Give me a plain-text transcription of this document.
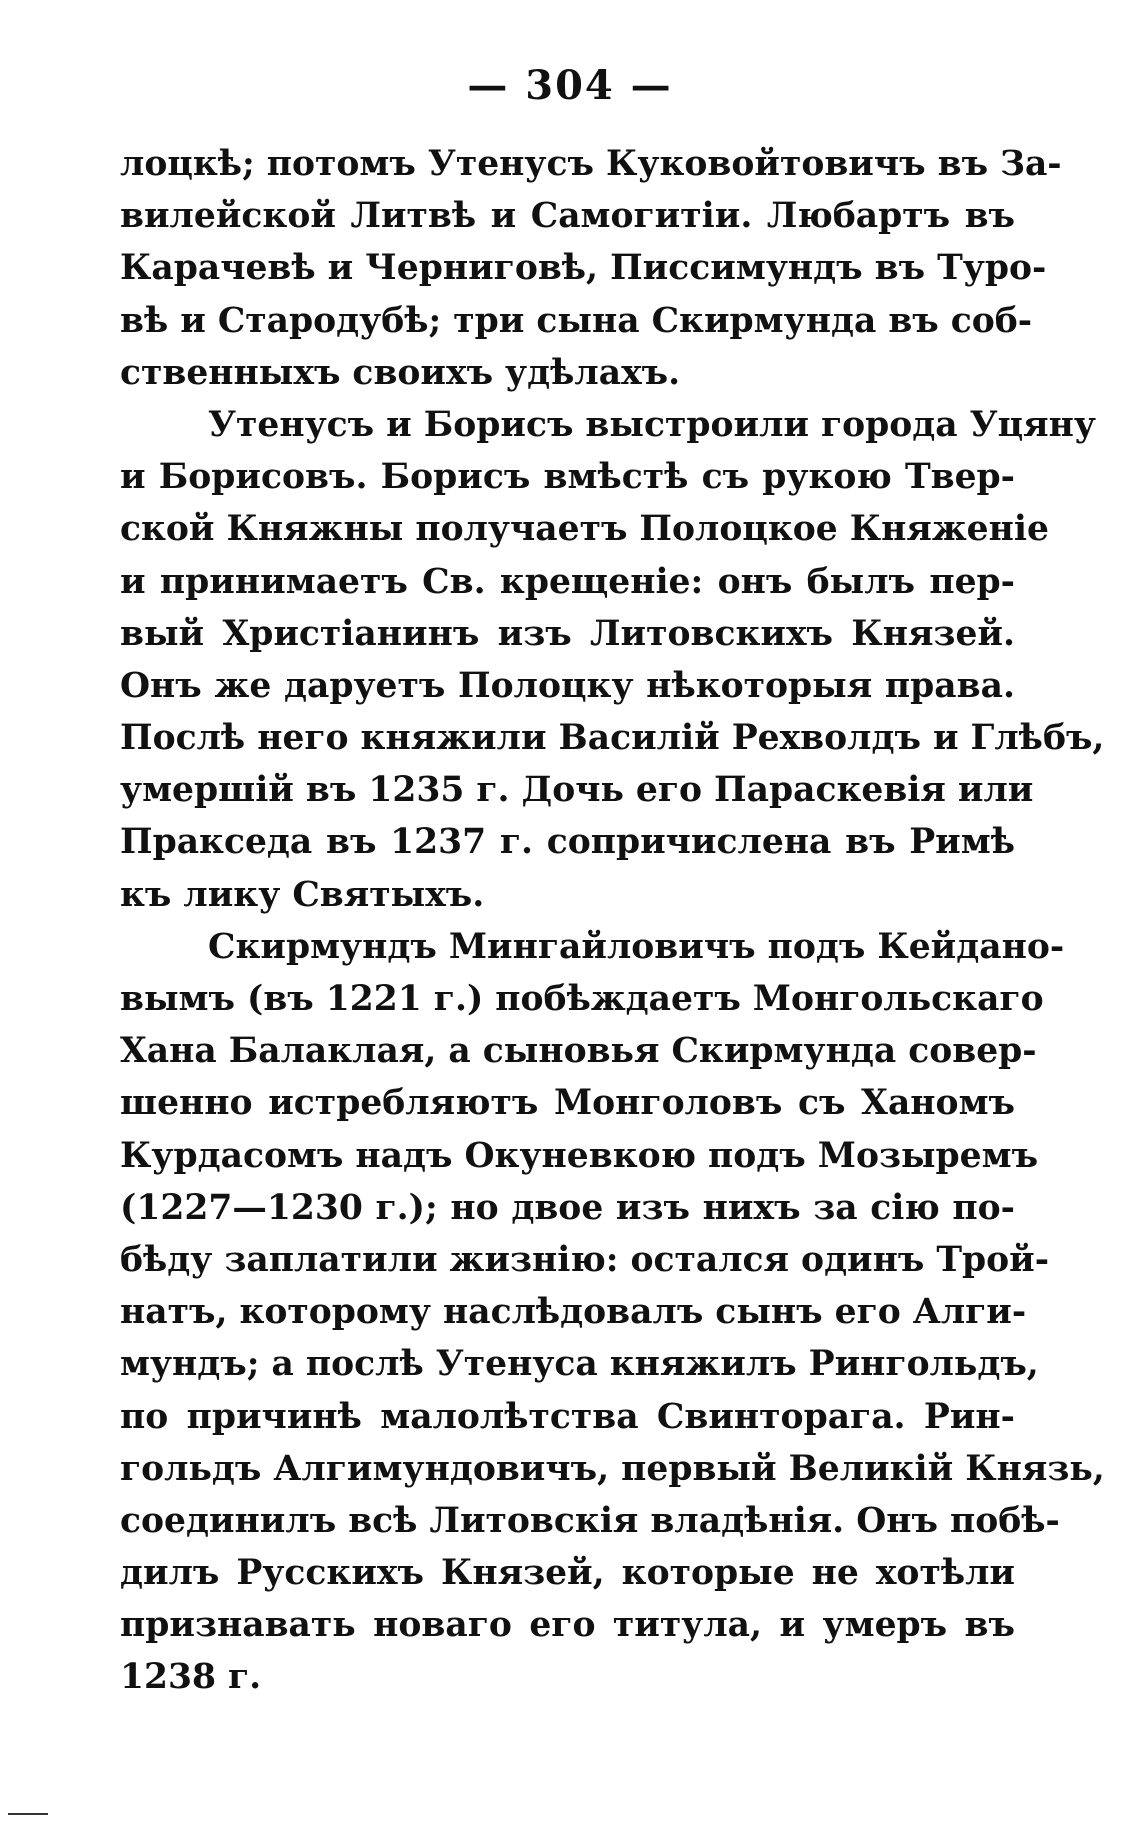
— 304 —
лоцкѣ; потомъ Утенусъ Куковойтовичъ въ За-
вилейской Литвѣ и Самогитіи. Любартъ въ
Карачевѣ и Черниговѣ, Писсимундъ въ Туро-
вѣ и Стародубѣ; три сына Скирмунда въ соб-
ственныхъ своихъ удѣлахъ.
Утенусъ и Борисъ выстроили города Уцяну
и Борисовъ. Борисъ вмѣстѣ съ рукою Твер-
ской Княжны получаетъ Полоцкое Княженіе
и принимаетъ Св. крещеніе: онъ былъ пер-
вый Христіанинъ изъ Литовскихъ Князей.
Онъ же даруетъ Полоцку нѣкоторыя права.
Послѣ него княжили Василій Рехволдъ и Глѣбъ,
умершій въ 1235 г. Дочь его Параскевія или
Пракседа въ 1237 г. сопричислена въ Римѣ
къ лику Святыхъ.
Скирмундъ Мингайловичъ подъ Кейдано-
вымъ (въ 1221 г.) побѣждаетъ Монгольскаго
Хана Балаклая, а сыновья Скирмунда совер-
шенно истребляютъ Монголовъ съ Ханомъ
Курдасомъ надъ Окуневкою подъ Мозыремъ
(1227—1230 г.); но двое изъ нихъ за сію по-
бѣду заплатили жизнію: остался одинъ Трой-
натъ, которому наслѣдовалъ сынъ его Алги-
мундъ; а послѣ Утенуса княжилъ Рингольдъ,
по причинѣ малолѣтства Свинторага. Рин-
гольдъ Алгимундовичъ, первый Великій Князь,
соединилъ всѣ Литовскія владѣнія. Онъ побѣ-
дилъ Русскихъ Князей, которые не хотѣли
признавать новаго его титула, и умеръ въ
1238 г.
